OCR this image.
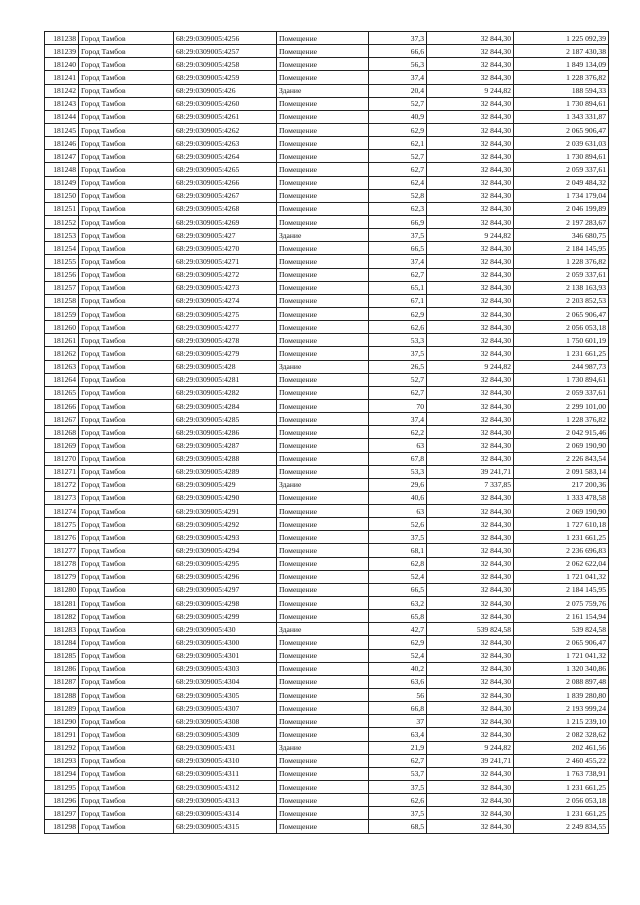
181238	Город Тамбов	68:29:0309005:4256	Помещение	37,3	32 844,30	1 225 092,39
181239	Город Тамбов	68:29:0309005:4257	Помещение	66,6	32 844,30	2 187 430,38
181240	Город Тамбов	68:29:0309005:4258	Помещение	56,3	32 844,30	1 849 134,09
181241	Город Тамбов	68:29:0309005:4259	Помещение	37,4	32 844,30	1 228 376,82
181242	Город Тамбов	68:29:0309005:426	Здание	20,4	9 244,82	188 594,33
181243	Город Тамбов	68:29:0309005:4260	Помещение	52,7	32 844,30	1 730 894,61
181244	Город Тамбов	68:29:0309005:4261	Помещение	40,9	32 844,30	1 343 331,87
181245	Город Тамбов	68:29:0309005:4262	Помещение	62,9	32 844,30	2 065 906,47
181246	Город Тамбов	68:29:0309005:4263	Помещение	62,1	32 844,30	2 039 631,03
181247	Город Тамбов	68:29:0309005:4264	Помещение	52,7	32 844,30	1 730 894,61
181248	Город Тамбов	68:29:0309005:4265	Помещение	62,7	32 844,30	2 059 337,61
181249	Город Тамбов	68:29:0309005:4266	Помещение	62,4	32 844,30	2 049 484,32
181250	Город Тамбов	68:29:0309005:4267	Помещение	52,8	32 844,30	1 734 179,04
181251	Город Тамбов	68:29:0309005:4268	Помещение	62,3	32 844,30	2 046 199,89
181252	Город Тамбов	68:29:0309005:4269	Помещение	66,9	32 844,30	2 197 283,67
181253	Город Тамбов	68:29:0309005:427	Здание	37,5	9 244,82	346 680,75
181254	Город Тамбов	68:29:0309005:4270	Помещение	66,5	32 844,30	2 184 145,95
181255	Город Тамбов	68:29:0309005:4271	Помещение	37,4	32 844,30	1 228 376,82
181256	Город Тамбов	68:29:0309005:4272	Помещение	62,7	32 844,30	2 059 337,61
181257	Город Тамбов	68:29:0309005:4273	Помещение	65,1	32 844,30	2 138 163,93
181258	Город Тамбов	68:29:0309005:4274	Помещение	67,1	32 844,30	2 203 852,53
181259	Город Тамбов	68:29:0309005:4275	Помещение	62,9	32 844,30	2 065 906,47
181260	Город Тамбов	68:29:0309005:4277	Помещение	62,6	32 844,30	2 056 053,18
181261	Город Тамбов	68:29:0309005:4278	Помещение	53,3	32 844,30	1 750 601,19
181262	Город Тамбов	68:29:0309005:4279	Помещение	37,5	32 844,30	1 231 661,25
181263	Город Тамбов	68:29:0309005:428	Здание	26,5	9 244,82	244 987,73
181264	Город Тамбов	68:29:0309005:4281	Помещение	52,7	32 844,30	1 730 894,61
181265	Город Тамбов	68:29:0309005:4282	Помещение	62,7	32 844,30	2 059 337,61
181266	Город Тамбов	68:29:0309005:4284	Помещение	70	32 844,30	2 299 101,00
181267	Город Тамбов	68:29:0309005:4285	Помещение	37,4	32 844,30	1 228 376,82
181268	Город Тамбов	68:29:0309005:4286	Помещение	62,2	32 844,30	2 042 915,46
181269	Город Тамбов	68:29:0309005:4287	Помещение	63	32 844,30	2 069 190,90
181270	Город Тамбов	68:29:0309005:4288	Помещение	67,8	32 844,30	2 226 843,54
181271	Город Тамбов	68:29:0309005:4289	Помещение	53,3	39 241,71	2 091 583,14
181272	Город Тамбов	68:29:0309005:429	Здание	29,6	7 337,85	217 200,36
181273	Город Тамбов	68:29:0309005:4290	Помещение	40,6	32 844,30	1 333 478,58
181274	Город Тамбов	68:29:0309005:4291	Помещение	63	32 844,30	2 069 190,90
181275	Город Тамбов	68:29:0309005:4292	Помещение	52,6	32 844,30	1 727 610,18
181276	Город Тамбов	68:29:0309005:4293	Помещение	37,5	32 844,30	1 231 661,25
181277	Город Тамбов	68:29:0309005:4294	Помещение	68,1	32 844,30	2 236 696,83
181278	Город Тамбов	68:29:0309005:4295	Помещение	62,8	32 844,30	2 062 622,04
181279	Город Тамбов	68:29:0309005:4296	Помещение	52,4	32 844,30	1 721 041,32
181280	Город Тамбов	68:29:0309005:4297	Помещение	66,5	32 844,30	2 184 145,95
181281	Город Тамбов	68:29:0309005:4298	Помещение	63,2	32 844,30	2 075 759,76
181282	Город Тамбов	68:29:0309005:4299	Помещение	65,8	32 844,30	2 161 154,94
181283	Город Тамбов	68:29:0309005:430	Здание	42,7	539 824,58	539 824,58
181284	Город Тамбов	68:29:0309005:4300	Помещение	62,9	32 844,30	2 065 906,47
181285	Город Тамбов	68:29:0309005:4301	Помещение	52,4	32 844,30	1 721 041,32
181286	Город Тамбов	68:29:0309005:4303	Помещение	40,2	32 844,30	1 320 340,86
181287	Город Тамбов	68:29:0309005:4304	Помещение	63,6	32 844,30	2 088 897,48
181288	Город Тамбов	68:29:0309005:4305	Помещение	56	32 844,30	1 839 280,80
181289	Город Тамбов	68:29:0309005:4307	Помещение	66,8	32 844,30	2 193 999,24
181290	Город Тамбов	68:29:0309005:4308	Помещение	37	32 844,30	1 215 239,10
181291	Город Тамбов	68:29:0309005:4309	Помещение	63,4	32 844,30	2 082 328,62
181292	Город Тамбов	68:29:0309005:431	Здание	21,9	9 244,82	202 461,56
181293	Город Тамбов	68:29:0309005:4310	Помещение	62,7	39 241,71	2 460 455,22
181294	Город Тамбов	68:29:0309005:4311	Помещение	53,7	32 844,30	1 763 738,91
181295	Город Тамбов	68:29:0309005:4312	Помещение	37,5	32 844,30	1 231 661,25
181296	Город Тамбов	68:29:0309005:4313	Помещение	62,6	32 844,30	2 056 053,18
181297	Город Тамбов	68:29:0309005:4314	Помещение	37,5	32 844,30	1 231 661,25
181298	Город Тамбов	68:29:0309005:4315	Помещение	68,5	32 844,30	2 249 834,55
